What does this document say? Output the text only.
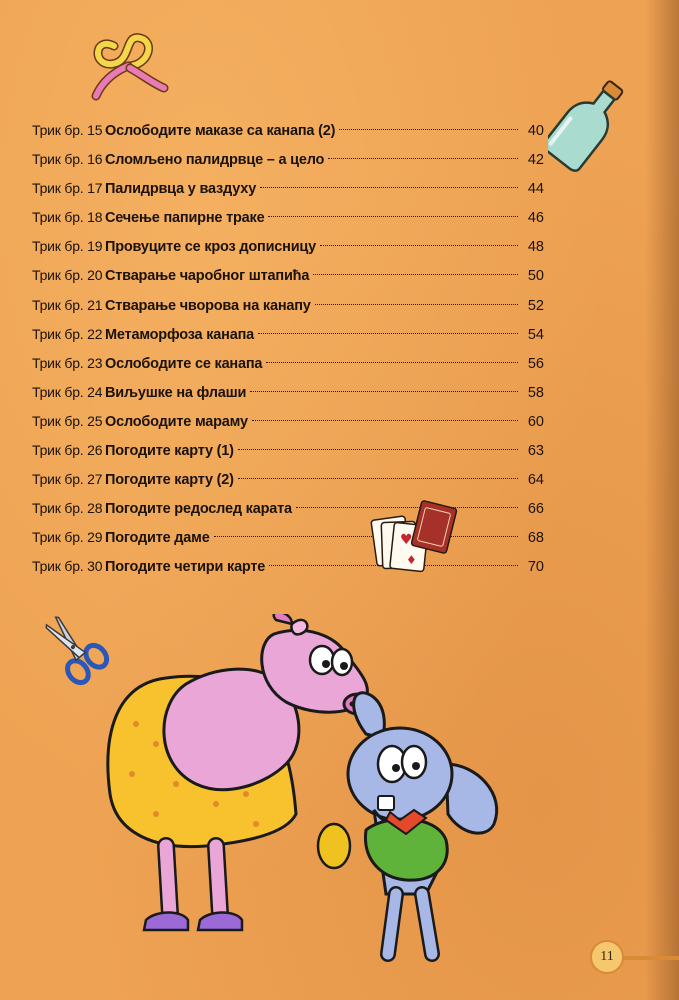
Трик бр. 15 Ослободите маказе са канапа (2)	40
Трик бр. 16 Сломљено палидрвце – а цело	42
Трик бр. 17 Палидрвца у ваздуху	44
Трик бр. 18 Сечење папирне траке	46
Трик бр. 19 Провуците се кроз дописницу	48
Трик бр. 20 Стварање чаробног штапића	50
Трик бр. 21 Стварање чворова на канапу	52
Трик бр. 22 Метаморфоза канапа	54
Трик бр. 23 Ослободите се канапа	56
Трик бр. 24 Виљушке на флаши	58
Трик бр. 25 Ослободите мараму	60
Трик бр. 26 Погодите карту (1)	63
Трик бр. 27 Погодите карту (2)	64
Трик бр. 28 Погодите редослед карата	66
Трик бр. 29 Погодите даме	68
Трик бр. 30 Погодите четири карте	70
♥
♦
11
